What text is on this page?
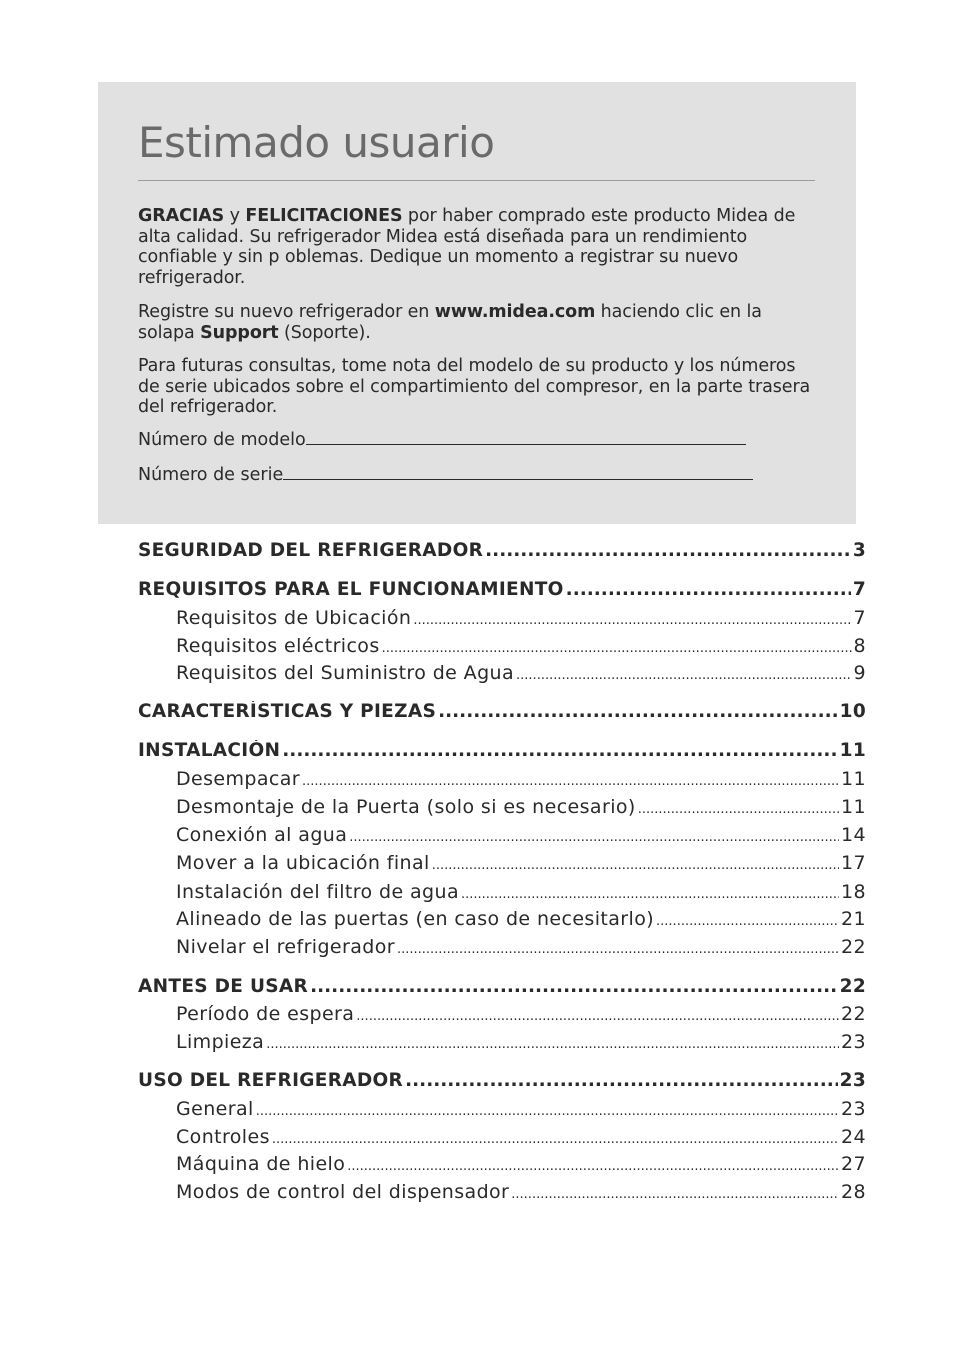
Estimado usuario

GRACIAS y FELICITACIONES por haber comprado este producto Midea de alta calidad. Su refrigerador Midea está diseñada para un rendimiento confiable y sin p oblemas. Dedique un momento a registrar su nuevo refrigerador.

Registre su nuevo refrigerador en www.midea.com haciendo clic en la solapa Support (Soporte).

Para futuras consultas, tome nota del modelo de su producto y los números de serie ubicados sobre el compartimiento del compresor, en la parte trasera del refrigerador.

Número de modelo
Número de serie
SEGURIDAD DEL REFRIGERADOR .....	3
REQUISITOS PARA EL FUNCIONAMIENTO .....	7
Requisitos de Ubicación .....	7
Requisitos eléctricos .....	8
Requisitos del Suministro de Agua .....	9
CARACTERÍSTICAS Y PIEZAS .....	10
INSTALACIÓN .....	11
Desempacar .....	11
Desmontaje de la Puerta (solo si es necesario) .....	11
Conexión al agua .....	14
Mover a la ubicación final .....	17
Instalación del filtro de agua .....	18
Alineado de las puertas (en caso de necesitarlo) .....	21
Nivelar el refrigerador .....	22
ANTES DE USAR .....	22
Período de espera .....	22
Limpieza .....	23
USO DEL REFRIGERADOR .....	23
General .....	23
Controles .....	24
Máquina de hielo .....	27
Modos de control del dispensador .....	28
